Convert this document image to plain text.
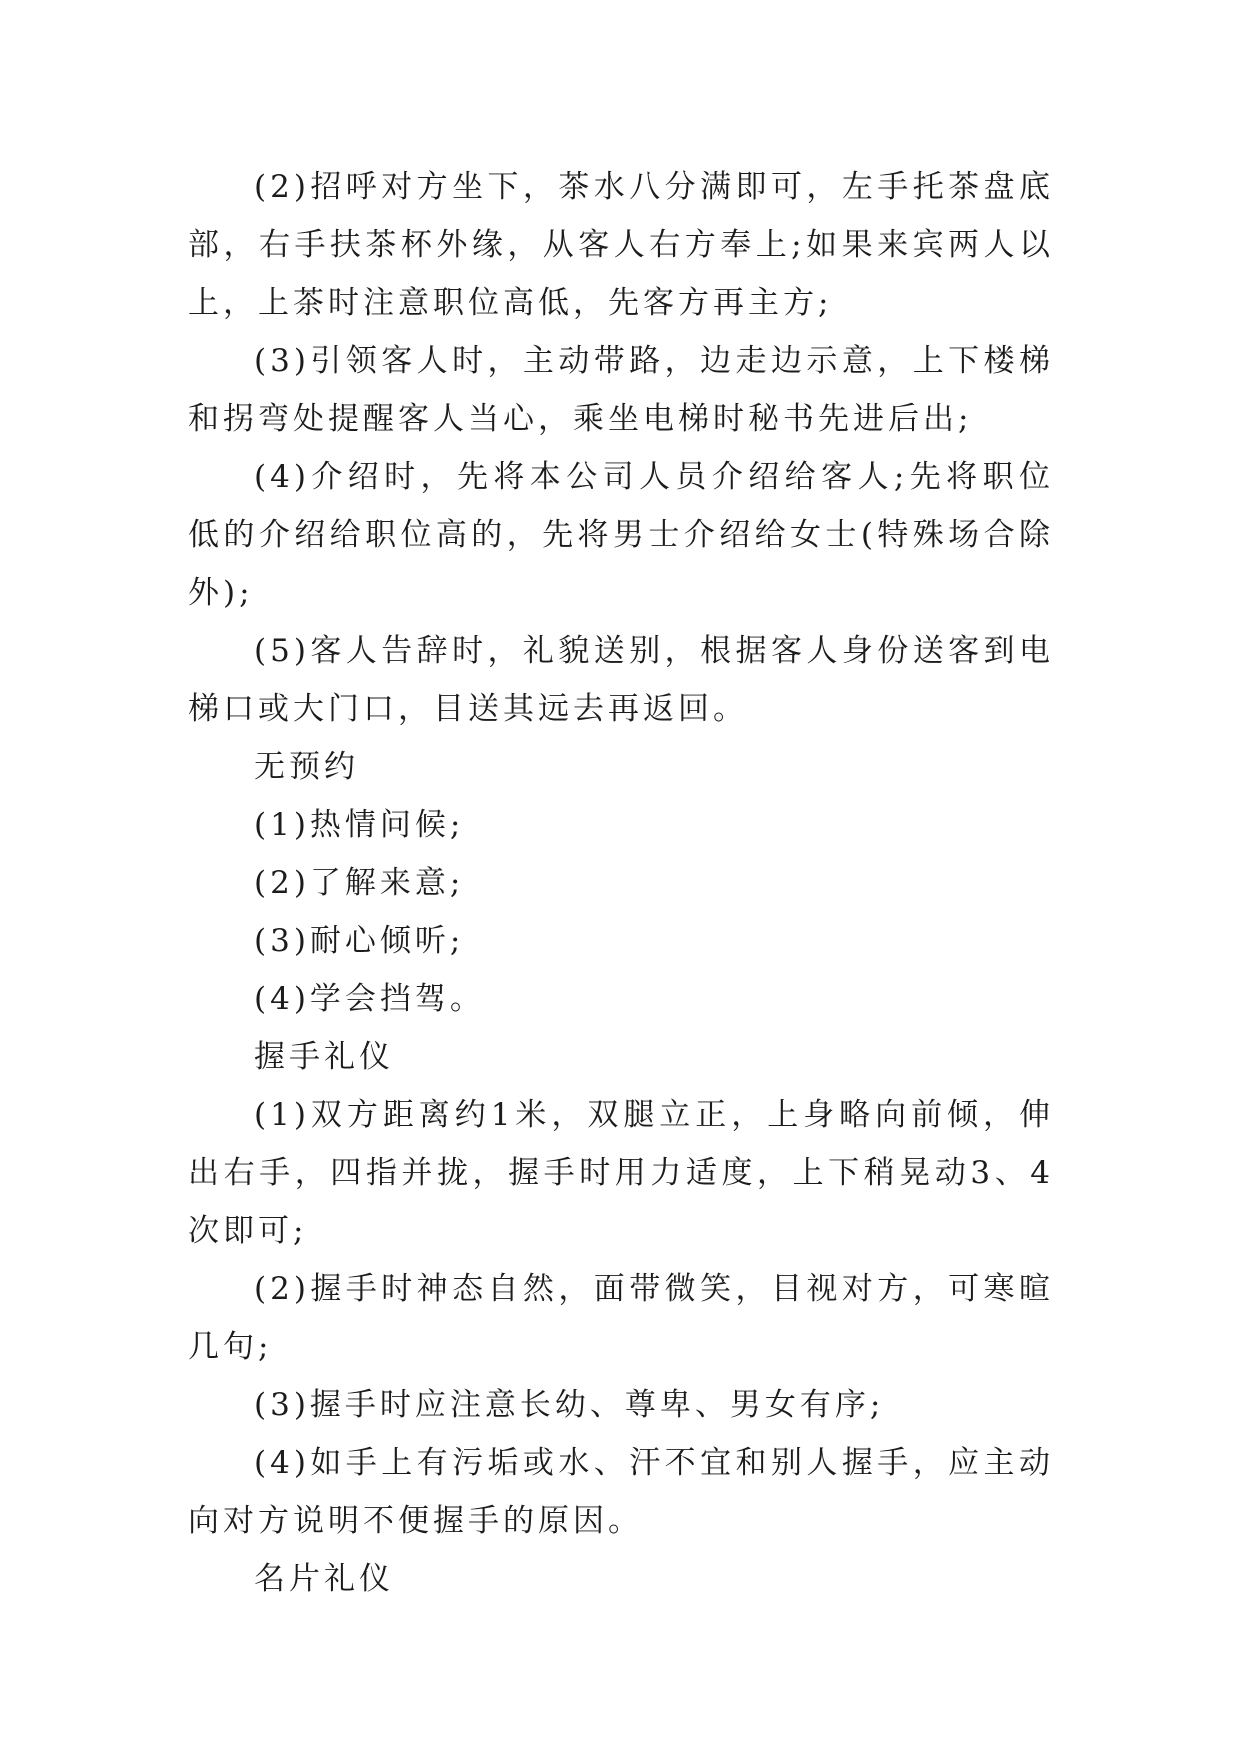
(2)招呼对方坐下，茶水八分满即可，左手托茶盘底部，右手扶茶杯外缘，从客人右方奉上;如果来宾两人以上，上茶时注意职位高低，先客方再主方;

(3)引领客人时，主动带路，边走边示意，上下楼梯和拐弯处提醒客人当心，乘坐电梯时秘书先进后出;

(4)介绍时，先将本公司人员介绍给客人;先将职位低的介绍给职位高的，先将男士介绍给女士(特殊场合除外);

(5)客人告辞时，礼貌送别，根据客人身份送客到电梯口或大门口，目送其远去再返回。

无预约

(1)热情问候;

(2)了解来意;

(3)耐心倾听;

(4)学会挡驾。

握手礼仪

(1)双方距离约1米，双腿立正，上身略向前倾，伸出右手，四指并拢，握手时用力适度，上下稍晃动3、4次即可;

(2)握手时神态自然，面带微笑，目视对方，可寒暄几句;

(3)握手时应注意长幼、尊卑、男女有序;

(4)如手上有污垢或水、汗不宜和别人握手，应主动向对方说明不便握手的原因。

名片礼仪
